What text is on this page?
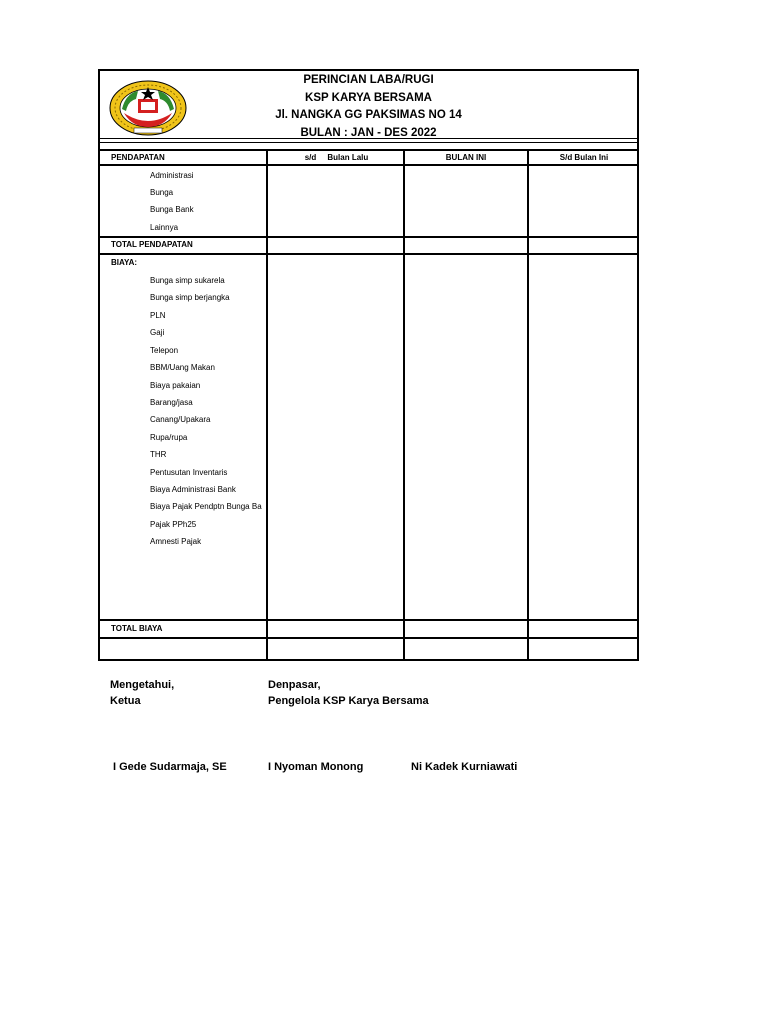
PERINCIAN LABA/RUGI
KSP KARYA BERSAMA
Jl. NANGKA GG PAKSIMAS NO 14
BULAN : JAN - DES 2022
PENDAPATAN	s/d     Bulan Lalu	BULAN INI	S/d Bulan Ini
Administrasi
Bunga
Bunga Bank
Lainnya
TOTAL PENDAPATAN
BIAYA:
Bunga simp sukarela
Bunga simp berjangka
PLN
Gaji
Telepon
BBM/Uang Makan
Biaya pakaian
Barang/jasa
Canang/Upakara
Rupa/rupa
THR
Pentusutan Inventaris
Biaya Administrasi Bank
Biaya Pajak Pendptn Bunga Ba
Pajak PPh25
Amnesti Pajak
TOTAL BIAYA
Mengetahui,
Ketua
Denpasar,
Pengelola KSP Karya Bersama
I Gede Sudarmaja, SE	I Nyoman Monong	Ni Kadek Kurniawati
